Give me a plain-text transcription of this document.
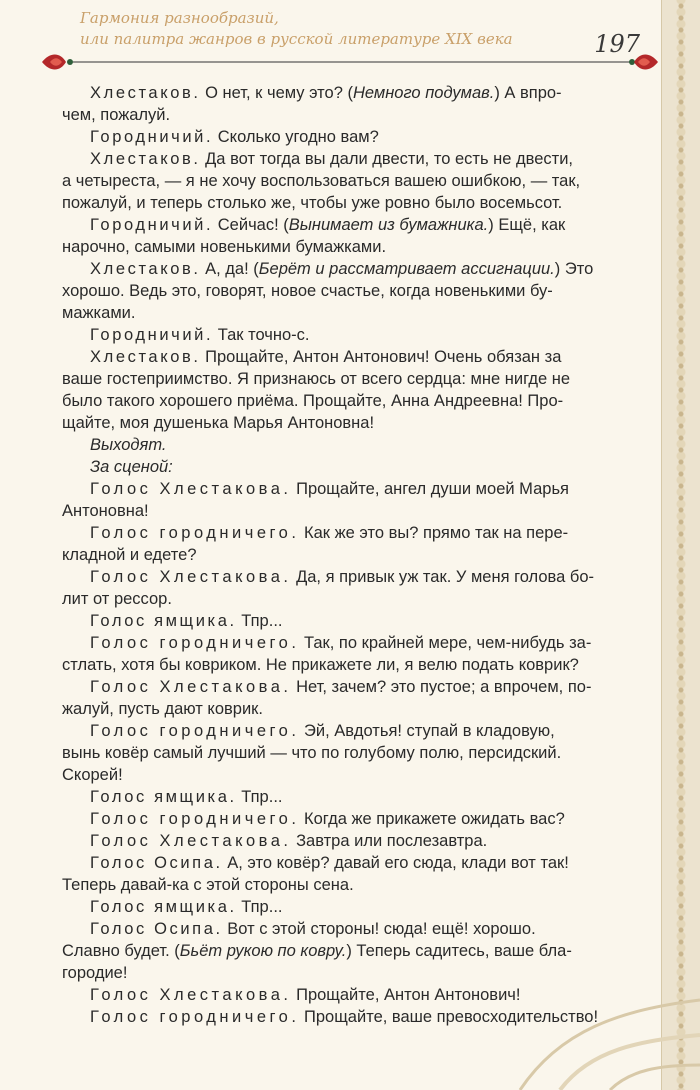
Гармония разнообразий,
или палитра жанров в русской литературе XIX века	197

Хлестаков. О нет, к чему это? (Немного подумав.) А впро-

чем, пожалуй.

Городничий. Сколько угодно вам?

Хлестаков. Да вот тогда вы дали двести, то есть не двести,

а четыреста, — я не хочу воспользоваться вашею ошибкою, — так,

пожалуй, и теперь столько же, чтобы уже ровно было восемьсот.

Городничий. Сейчас! (Вынимает из бумажника.) Ещё, как

нарочно, самыми новенькими бумажками.

Хлестаков. А, да! (Берёт и рассматривает ассигнации.) Это

хорошо. Ведь это, говорят, новое счастье, когда новенькими бу-

мажками.

Городничий. Так точно-с.

Хлестаков. Прощайте, Антон Антонович! Очень обязан за

ваше гостеприимство. Я признаюсь от всего сердца: мне нигде не

было такого хорошего приёма. Прощайте, Анна Андреевна! Про-

щайте, моя душенька Марья Антоновна!

Выходят.

За сценой:

Голос Хлестакова. Прощайте, ангел души моей Марья

Антоновна!

Голос городничего. Как же это вы? прямо так на пере-

кладной и едете?

Голос Хлестакова. Да, я привык уж так. У меня голова бо-

лит от рессор.

Голос ямщика. Тпр...

Голос городничего. Так, по крайней мере, чем-нибудь за-

стлать, хотя бы ковриком. Не прикажете ли, я велю подать коврик?

Голос Хлестакова. Нет, зачем? это пустое; а впрочем, по-

жалуй, пусть дают коврик.

Голос городничего. Эй, Авдотья! ступай в кладовую,

вынь ковёр самый лучший — что по голубому полю, персидский.

Скорей!

Голос ямщика. Тпр...

Голос городничего. Когда же прикажете ожидать вас?

Голос Хлестакова. Завтра или послезавтра.

Голос Осипа. А, это ковёр? давай его сюда, клади вот так!

Теперь давай-ка с этой стороны сена.

Голос ямщика. Тпр...

Голос Осипа. Вот с этой стороны! сюда! ещё! хорошо.

Славно будет. (Бьёт рукою по ковру.) Теперь садитесь, ваше бла-

городие!

Голос Хлестакова. Прощайте, Антон Антонович!

Голос городничего. Прощайте, ваше превосходительство!
